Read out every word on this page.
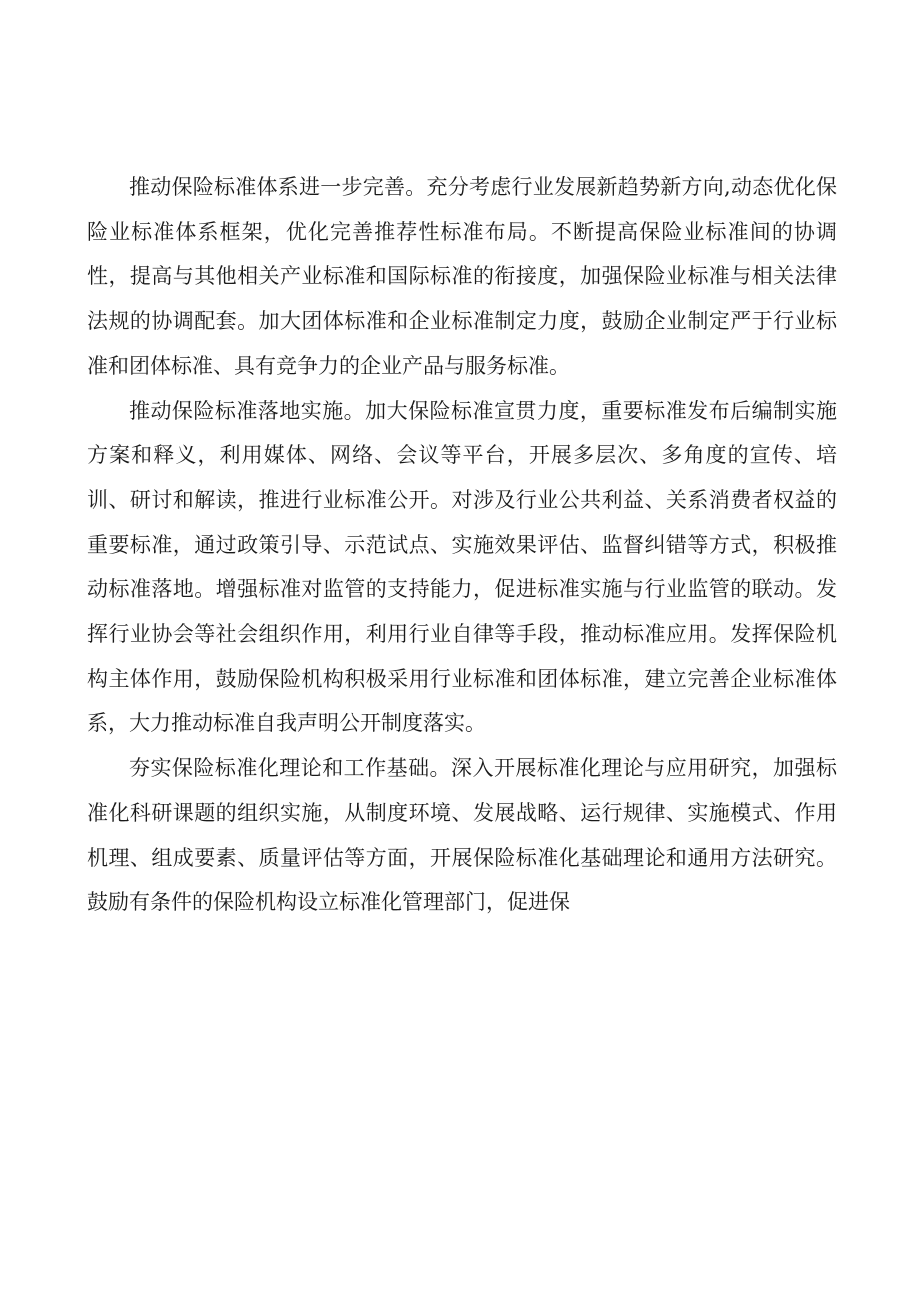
推动保险标准体系进一步完善。充分考虑行业发展新趋势新方向,动态优化保险业标准体系框架，优化完善推荐性标准布局。不断提高保险业标准间的协调性，提高与其他相关产业标准和国际标准的衔接度，加强保险业标准与相关法律法规的协调配套。加大团体标准和企业标准制定力度，鼓励企业制定严于行业标准和团体标准、具有竞争力的企业产品与服务标准。

推动保险标准落地实施。加大保险标准宣贯力度，重要标准发布后编制实施方案和释义，利用媒体、网络、会议等平台，开展多层次、多角度的宣传、培训、研讨和解读，推进行业标准公开。对涉及行业公共利益、关系消费者权益的重要标准，通过政策引导、示范试点、实施效果评估、监督纠错等方式，积极推动标准落地。增强标准对监管的支持能力，促进标准实施与行业监管的联动。发挥行业协会等社会组织作用，利用行业自律等手段，推动标准应用。发挥保险机构主体作用，鼓励保险机构积极采用行业标准和团体标准，建立完善企业标准体系，大力推动标准自我声明公开制度落实。

夯实保险标准化理论和工作基础。深入开展标准化理论与应用研究，加强标准化科研课题的组织实施，从制度环境、发展战略、运行规律、实施模式、作用机理、组成要素、质量评估等方面，开展保险标准化基础理论和通用方法研究。鼓励有条件的保险机构设立标准化管理部门，促进保
